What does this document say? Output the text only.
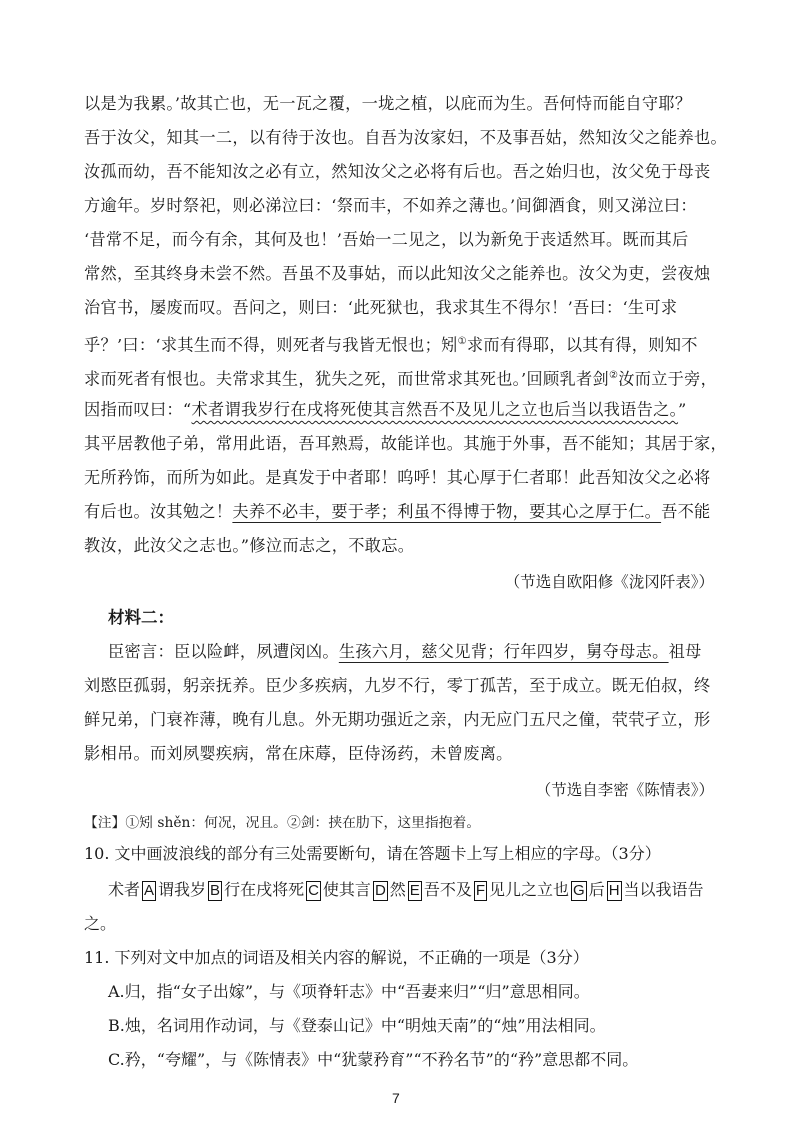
以是为我累。’故其亡也，无一瓦之覆，一垅之植，以庇而为生。吾何恃而能自守耶？
吾于汝父，知其一二，以有待于汝也。自吾为汝家妇，不及事吾姑，然知汝父之能养也。
汝孤而幼，吾不能知汝之必有立，然知汝父之必将有后也。吾之始归也，汝父免于母丧
方逾年。岁时祭祀，则必涕泣曰：‘祭而丰，不如养之薄也。’间御酒食，则又涕泣曰：
‘昔常不足，而今有余，其何及也！’吾始一二见之，以为新免于丧适然耳。既而其后
常然，至其终身未尝不然。吾虽不及事姑，而以此知汝父之能养也。汝父为吏，尝夜烛
治官书，屡废而叹。吾问之，则曰：‘此死狱也，我求其生不得尔！’吾曰：‘生可求
乎？’曰：‘求其生而不得，则死者与我皆无恨也；矧①求而有得耶，以其有得，则知不
求而死者有恨也。夫常求其生，犹失之死，而世常求其死也。’回顾乳者剑②汝而立于旁，
因指而叹曰：“术者谓我岁行在戌将死使其言然吾不及见儿之立也后当以我语告之。”
其平居教他子弟，常用此语，吾耳熟焉，故能详也。其施于外事，吾不能知；其居于家，
无所矜饰，而所为如此。是真发于中者耶！呜呼！其心厚于仁者耶！此吾知汝父之必将
有后也。汝其勉之！夫养不必丰，要于孝；利虽不得博于物，要其心之厚于仁。吾不能
教汝，此汝父之志也。”修泣而志之，不敢忘。
（节选自欧阳修《泷冈阡表》）
材料二：
臣密言：臣以险衅，夙遭闵凶。生孩六月，慈父见背；行年四岁，舅夺母志。祖母
刘愍臣孤弱，躬亲抚养。臣少多疾病，九岁不行，零丁孤苦，至于成立。既无伯叔，终
鲜兄弟，门衰祚薄，晚有儿息。外无期功强近之亲，内无应门五尺之僮，茕茕孑立，形
影相吊。而刘夙婴疾病，常在床蓐，臣侍汤药，未曾废离。
（节选自李密《陈情表》）
【注】①矧 shěn：何况，况且。②剑：挟在肋下，这里指抱着。
10. 文中画波浪线的部分有三处需要断句，请在答题卡上写上相应的字母。（3分）
术者 A 谓我岁 B 行在戌将死 C 使其言 D 然 E 吾不及 F 见儿之立也 G 后 H 当以我语告
之。
11. 下列对文中加点的词语及相关内容的解说，不正确的一项是（3分）
A.归，指“女子出嫁”，与《项脊轩志》中“吾妻来归”“归”意思相同。
B.烛，名词用作动词，与《登泰山记》中“明烛天南”的“烛”用法相同。
C.矜，“夸耀”，与《陈情表》中“犹蒙矜育”“不矜名节”的“矜”意思都不同。
7
